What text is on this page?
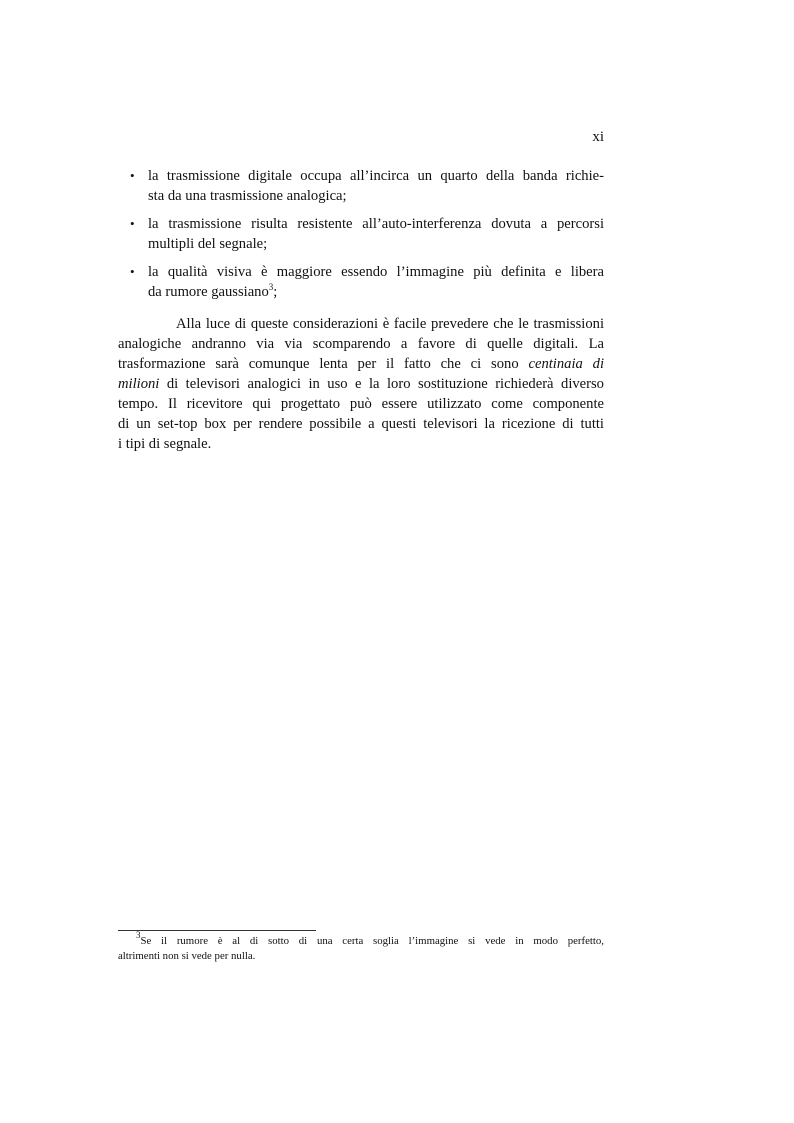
xi
• la trasmissione digitale occupa all’incirca un quarto della banda richie-
sta da una trasmissione analogica;
• la trasmissione risulta resistente all’auto-interferenza dovuta a percorsi
multipli del segnale;
• la qualità visiva è maggiore essendo l’immagine più definita e libera
da rumore gaussiano$^3$;
Alla luce di queste considerazioni è facile prevedere che le trasmissioni
analogiche andranno via via scomparendo a favore di quelle digitali. La
trasformazione sarà comunque lenta per il fatto che ci sono centinaia di
milioni di televisori analogici in uso e la loro sostituzione richiederà diverso
tempo. Il ricevitore qui progettato può essere utilizzato come componente
di un set-top box per rendere possibile a questi televisori la ricezione di tutti
i tipi di segnale.
$^3$Se il rumore è al di sotto di una certa soglia l’immagine si vede in modo perfetto,
altrimenti non si vede per nulla.
